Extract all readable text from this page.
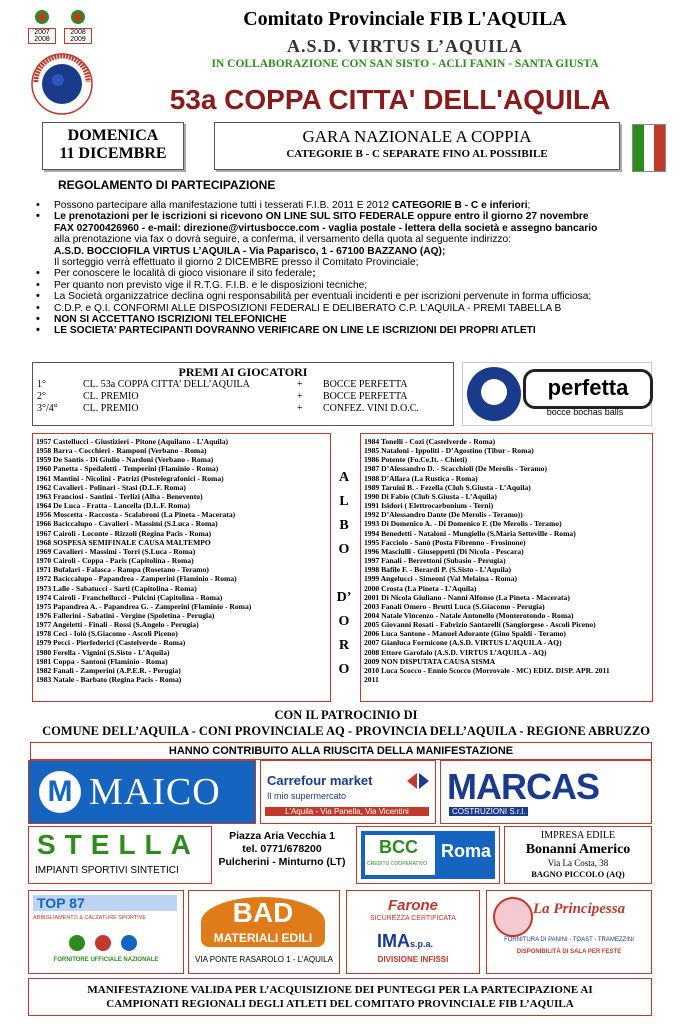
2007
2008
2008
2009
Comitato Provinciale FIB L'AQUILA
A.S.D. VIRTUS L’AQUILA
IN COLLABORAZIONE CON SAN SISTO - ACLI FANIN - SANTA GIUSTA
53a COPPA CITTA' DELL'AQUILA
DOMENICA
11 DICEMBRE
GARA NAZIONALE A COPPIA
CATEGORIE B - C SEPARATE FINO AL POSSIBILE
REGOLAMENTO DI PARTECIPAZIONE
• Possono partecipare alla manifestazione tutti i tesserati F.I.B. 2011 E 2012 CATEGORIE B - C e inferiori;
• Le prenotazioni per le iscrizioni si ricevono ON LINE SUL SITO FEDERALE oppure entro il giorno 27 novembre
FAX 02700426960 - e-mail: direzione@virtusbocce.com - vaglia postale - lettera della società e assegno bancario
alla prenotazione via fax o dovrà seguire, a conferma, il versamento della quota al seguente indirizzo:
A.S.D. BOCCIOFILA VIRTUS L’AQUILA - Via Paparisco, 1 - 67100 BAZZANO (AQ);
Il sorteggio verrà effettuato il giorno 2 DICEMBRE presso il Comitato Provinciale;
• Per conoscere le località di gioco visionare il sito federale;
• Per quanto non previsto vige il R.T.G. F.I.B. e le disposizioni tecniche;
• La Società organizzatrice declina ogni responsabilità per eventuali incidenti e per iscrizioni pervenute in forma ufficiosa;
• C.D.P. e Q.I. CONFORMI ALLE DISPOSIZIONI FEDERALI E DELIBERATO C.P. L’AQUILA - PREMI TABELLA B
• NON SI ACCETTANO ISCRIZIONI TELEFONICHE
• LE SOCIETA’ PARTECIPANTI DOVRANNO VERIFICARE ON LINE LE ISCRIZIONI DEI PROPRI ATLETI
PREMI AI GIOCATORI
1°	CL. 53a COPPA CITTA’ DELL’AQUILA	+	BOCCE PERFETTA
2°	CL. PREMIO	+	BOCCE PERFETTA
3°/4°	CL. PREMIO	+	CONFEZ. VINI D.O.C.
perfetta
bocce bochas balls
1957 Castellucci - Giustizieri - Pitone (Aquilano - L’Aquila)
1958 Barra - Cocchieri - Ramponi (Verbano - Roma)
1959 De Santis - Di Giulio - Nardoni (Verbano - Roma)
1960 Panetta - Spedaletti - Temperini (Flaminio - Roma)
1961 Mantini - Nicolini - Patrizi (Postelegrafonici - Roma)
1962 Cavalieri - Polinari - Stasi (D.L.F. Roma)
1963 Franciosi - Santini - Terlizi (Alba - Benevento)
1964 De Luca - Fratta - Lancella (D.L.F. Roma)
1956 Moscetta - Raccosta - Scalabroni (La Pineta - Macerata)
1966 Baciccalupo - Cavalieri - Massimi (S.Luca - Roma)
1967 Cairoli - Loconte - Rizzoli (Regina Pacis - Roma)
1968 SOSPESA SEMIFINALE CAUSA MALTEMPO
1969 Cavalieri - Massimi - Torri (S.Luca - Roma)
1970 Cairoli - Coppa - Paris (Capitolina - Roma)
1971 Bufalari - Falasca - Rampa (Rosetano - Teramo)
1972 Baciccalupo - Papandrea - Zamperini (Flaminio - Roma)
1973 Lalle - Sabatucci - Sarti (Capitolina - Roma)
1974 Cairoli - Franchellucci - Pulcini (Capitolina - Roma)
1975 Papandrea A. - Papandrea G. - Zamperini (Flaminio - Roma)
1976 Fallerini - Sabatini - Vergine (Spoletina - Perugia)
1977 Angeletti - Finali - Rossi (S.Angelo - Perugia)
1978 Ceci - Iolò (S.Giacomo - Ascoli Piceno)
1979 Pecci - Pierfederici (Castelverde - Roma)
1980 Ferella - Vignini (S.Sisto - L’Aquila)
1981 Coppa - Santoni (Flaminio - Roma)
1982 Fanali - Zamperini (A.P.E.R. - Perugia)
1983 Natale - Barbato (Regina Pacis - Roma)
A
L
B
O
D’
O
R
O
1984 Tonelli - Cozi (Castelverde - Roma)
1985 Nataloni - Ippoliti - D’Agostino (Tibur - Roma)
1986 Potente (Fo.Ce.It. - Chieti)
1987 D’Alessandro D. - Scacchioli (De Merolis - Teramo)
1988 D’Allara (La Rustica - Roma)
1989 Taruini B. - Fezella (Club S.Giusta - L’Aquila)
1990 Di Fabio (Club S.Giusta - L’Aquila)
1991 Isidori ( Elettrocarbonium - Terni)
1992 D’Alessandro Dante (De Merolis - Teramo))
1993 Di Domenico A. - Di Domenico F. (De Merolis - Teramo)
1994 Benedetti - Nataloni - Mungiello (S.Maria Setteville - Roma)
1995 Facciolo - Sanò (Posta Fibrenno - Frosinone)
1996 Masciulli - Giuseppetti (Di Nicola - Pescara)
1997 Fanali - Berrettoni (Subasio - Perugia)
1998 Bafile F. - Berardi P. (S.Sisto - L’Aquila)
1999 Angelucci - Simeoni (Val Melaina - Roma)
2000 Crosta (La Pineta - L’Aquila)
2001 Di Nicola Giuliano - Nanni Alfonso (La Pineta - Macerata)
2003 Fanali Omero - Brutti Luca (S.Giacomo - Perugia)
2004 Natale Vincenzo - Natale Antonello (Monterotondo - Roma)
2005 Giovanni Rosati - Fabrizio Santarelli (Sangiorgese - Ascoli Piceno)
2006 Luca Santone - Manuel Adorante (Gino Spaldi - Teramo)
2007 Gianluca Formicone (A.S.D. VIRTUS L’AQUILA - AQ)
2008 Ettore Garofalo (A.S.D. VIRTUS L’AQUILA - AQ)
2009 NON DISPUTATA CAUSA SISMA
2010 Luca Scocco - Ennio Scocco (Morrovale - MC) EDIZ. DISP. APR. 2011
2011
CON IL PATROCINIO DI
COMUNE DELL’AQUILA - CONI PROVINCIALE AQ - PROVINCIA DELL’AQUILA - REGIONE ABRUZZO
HANNO CONTRIBUITO ALLA RIUSCITA DELLA MANIFESTAZIONE
M MAICO	Carrefour market
Il mio supermercato
L’Aquila - Via Panella, Via Vicentini
MARCAS
COSTRUZIONI S.r.l.
STELLA
IMPIANTI SPORTIVI SINTETICI
Piazza Aria Vecchia 1
tel. 0771/678200
Pulcherini - Minturno (LT)
BCC
CREDITO COOPERATIVO
Roma
IMPRESA EDILE
Bonanni Americo
Via La Costa, 38
BAGNO PICCOLO (AQ)
TOP 87
ABBIGLIAMENTO & CALZATURE SPORTIVE
FORNITORE UFFICIALE NAZIONALE
BAD
MATERIALI EDILI
VIA PONTE RASAROLO 1 - L’AQUILA
Farone
SICUREZZA CERTIFICATA
IMAs.p.a.
DIVISIONE INFISSI
La Principessa
FORNITURA DI PANINI - TOAST - TRAMEZZINI
DISPONIBILITÀ DI SALA PER FESTE
MANIFESTAZIONE VALIDA PER L’ACQUISIZIONE DEI PUNTEGGI PER LA PARTECIPAZIONE AI
CAMPIONATI REGIONALI DEGLI ATLETI DEL COMITATO PROVINCIALE FIB L’AQUILA
